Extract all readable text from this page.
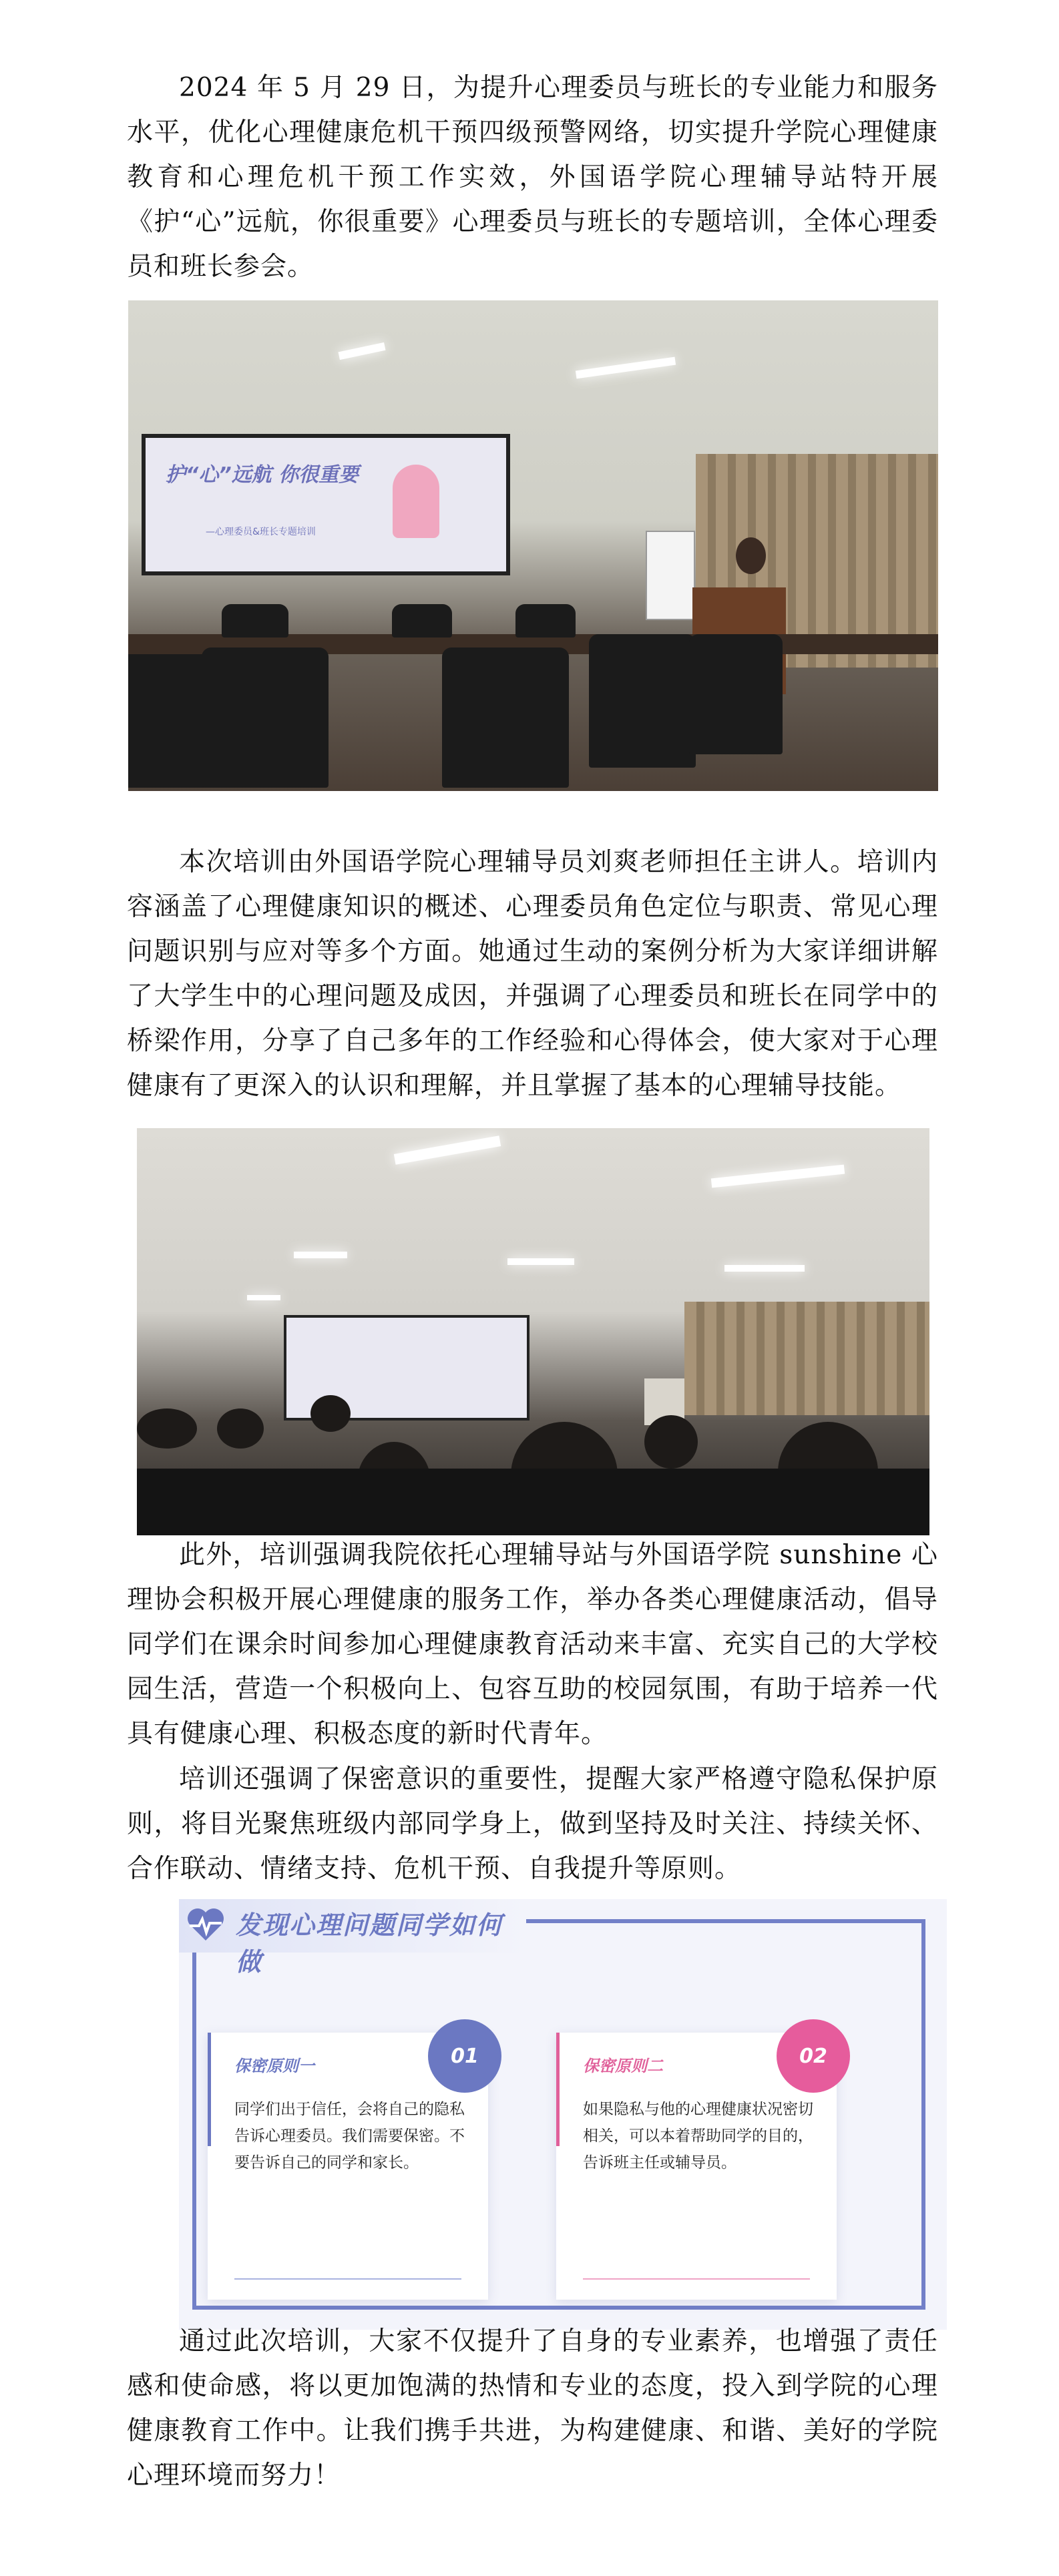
2024 年 5 月 29 日，为提升心理委员与班长的专业能力和服务水平，优化心理健康危机干预四级预警网络，切实提升学院心理健康教育和心理危机干预工作实效，外国语学院心理辅导站特开展《护“心”远航，你很重要》心理委员与班长的专题培训，全体心理委员和班长参会。

护“心”远航 你很重要
—心理委员&班长专题培训

本次培训由外国语学院心理辅导员刘爽老师担任主讲人。培训内容涵盖了心理健康知识的概述、心理委员角色定位与职责、常见心理问题识别与应对等多个方面。她通过生动的案例分析为大家详细讲解了大学生中的心理问题及成因，并强调了心理委员和班长在同学中的桥梁作用，分享了自己多年的工作经验和心得体会，使大家对于心理健康有了更深入的认识和理解，并且掌握了基本的心理辅导技能。

此外，培训强调我院依托心理辅导站与外国语学院 sunshine 心理协会积极开展心理健康的服务工作，举办各类心理健康活动，倡导同学们在课余时间参加心理健康教育活动来丰富、充实自己的大学校园生活，营造一个积极向上、包容互助的校园氛围，有助于培养一代具有健康心理、积极态度的新时代青年。

培训还强调了保密意识的重要性，提醒大家严格遵守隐私保护原则，将目光聚焦班级内部同学身上，做到坚持及时关注、持续关怀、合作联动、情绪支持、危机干预、自我提升等原则。

发现心理问题同学如何做
01
保密原则一
同学们出于信任，会将自己的隐私告诉心理委员。我们需要保密。不要告诉自己的同学和家长。
02
保密原则二
如果隐私与他的心理健康状况密切相关，可以本着帮助同学的目的，告诉班主任或辅导员。

通过此次培训，大家不仅提升了自身的专业素养，也增强了责任感和使命感，将以更加饱满的热情和专业的态度，投入到学院的心理健康教育工作中。让我们携手共进，为构建健康、和谐、美好的学院心理环境而努力！
